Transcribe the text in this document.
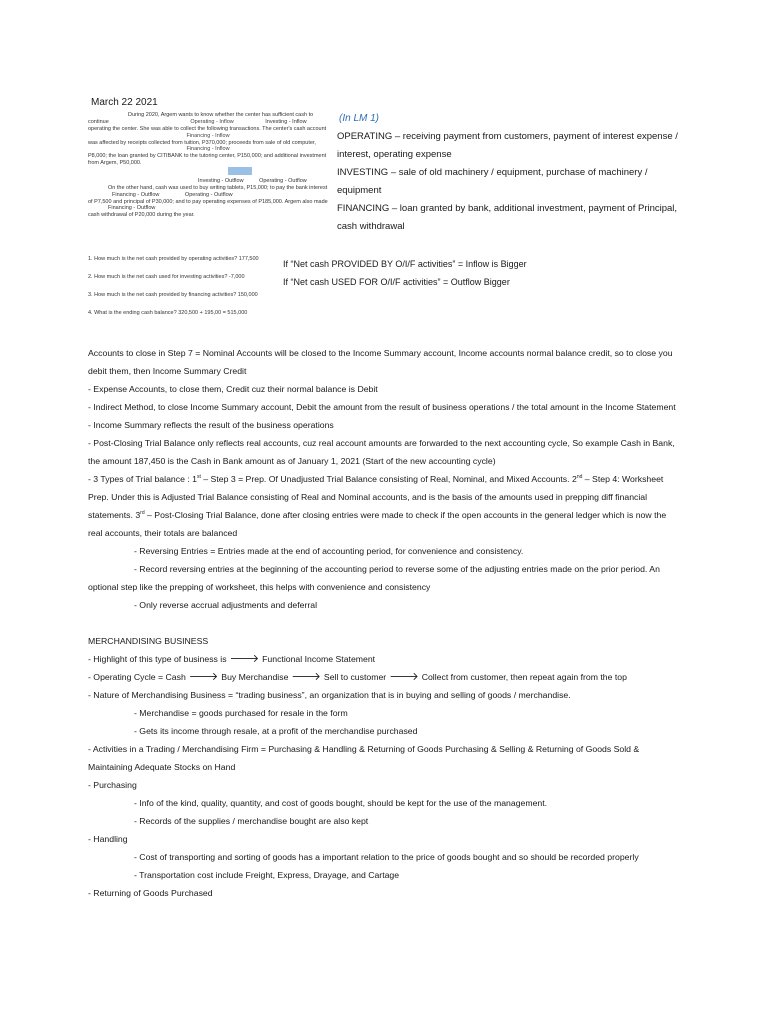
March 22 2021
During 2020, Argem wants to know whether the center has sufficient cash to continue	Operating - Inflow	Investing - Inflow
operating the center. She was able to collect the following transactions. The center's cash account
Financing - Inflow
was affected by receipts collected from tuition, P370,000; proceeds from sale of old computer,
Financing - Inflow
P8,000; the loan granted by CITIBANK to the tutoring center, P150,000; and additional investment
from Argem, P50,000.

Investing - Outflow	Operating - Outflow
On the other hand, cash was used to buy writing tablets, P15,000; to pay the bank interest Financing - Outflow	Operating - Outflow
of P7,500 and principal of P30,000; and to pay operating expenses of P185,000. Argem also made Financing - Outflow
cash withdrawal of P20,000 during the year.
(In LM 1)
OPERATING – receiving payment from customers, payment of interest expense / interest, operating expense
INVESTING – sale of old machinery / equipment, purchase of machinery / equipment
FINANCING – loan granted by bank, additional investment, payment of Principal, cash withdrawal
1. How much is the net cash provided by operating activities? 177,500
2. How much is the net cash used for investing activities? -7,000
3. How much is the net cash provided by financing activities? 150,000
4. What is the ending cash balance? 320,500 + 195,00 = 515,000
If “Net cash PROVIDED BY O/I/F activities” = Inflow is Bigger
If “Net cash USED FOR O/I/F activities” = Outflow Bigger

Accounts to close in Step 7 = Nominal Accounts will be closed to the Income Summary account, Income accounts normal balance credit, so to close you debit them, then Income Summary Credit

- Expense Accounts, to close them, Credit cuz their normal balance is Debit

- Indirect Method, to close Income Summary account, Debit the amount from the result of business operations / the total amount in the Income Statement

- Income Summary reflects the result of the business operations

- Post-Closing Trial Balance only reflects real accounts, cuz real account amounts are forwarded to the next accounting cycle, So example Cash in Bank, the amount 187,450 is the Cash in Bank amount as of January 1, 2021 (Start of the new accounting cycle)

- 3 Types of Trial balance : 1st – Step 3 = Prep. Of Unadjusted Trial Balance consisting of Real, Nominal, and Mixed Accounts. 2nd – Step 4: Worksheet Prep. Under this is Adjusted Trial Balance consisting of Real and Nominal accounts, and is the basis of the amounts used in prepping diff financial statements. 3rd – Post-Closing Trial Balance, done after closing entries were made to check if the open accounts in the general ledger which is now the real accounts, their totals are balanced

- Reversing Entries = Entries made at the end of accounting period, for convenience and consistency.

- Record reversing entries at the beginning of the accounting period to reverse some of the adjusting entries made on the prior period. An optional step like the prepping of worksheet, this helps with convenience and consistency

- Only reverse accrual adjustments and deferral

MERCHANDISING BUSINESS

- Highlight of this type of business is 🡒 Functional Income Statement

- Operating Cycle = Cash 🡒 Buy Merchandise 🡒 Sell to customer 🡒 Collect from customer, then repeat again from the top

- Nature of Merchandising Business = “trading business”, an organization that is in buying and selling of goods / merchandise.

- Merchandise = goods purchased for resale in the form

- Gets its income through resale, at a profit of the merchandise purchased

- Activities in a Trading / Merchandising Firm = Purchasing & Handling & Returning of Goods Purchasing & Selling & Returning of Goods Sold & Maintaining Adequate Stocks on Hand

- Purchasing

- Info of the kind, quality, quantity, and cost of goods bought, should be kept for the use of the management.

- Records of the supplies / merchandise bought are also kept

- Handling

- Cost of transporting and sorting of goods has a important relation to the price of goods bought and so should be recorded properly

- Transportation cost include Freight, Express, Drayage, and Cartage

- Returning of Goods Purchased
